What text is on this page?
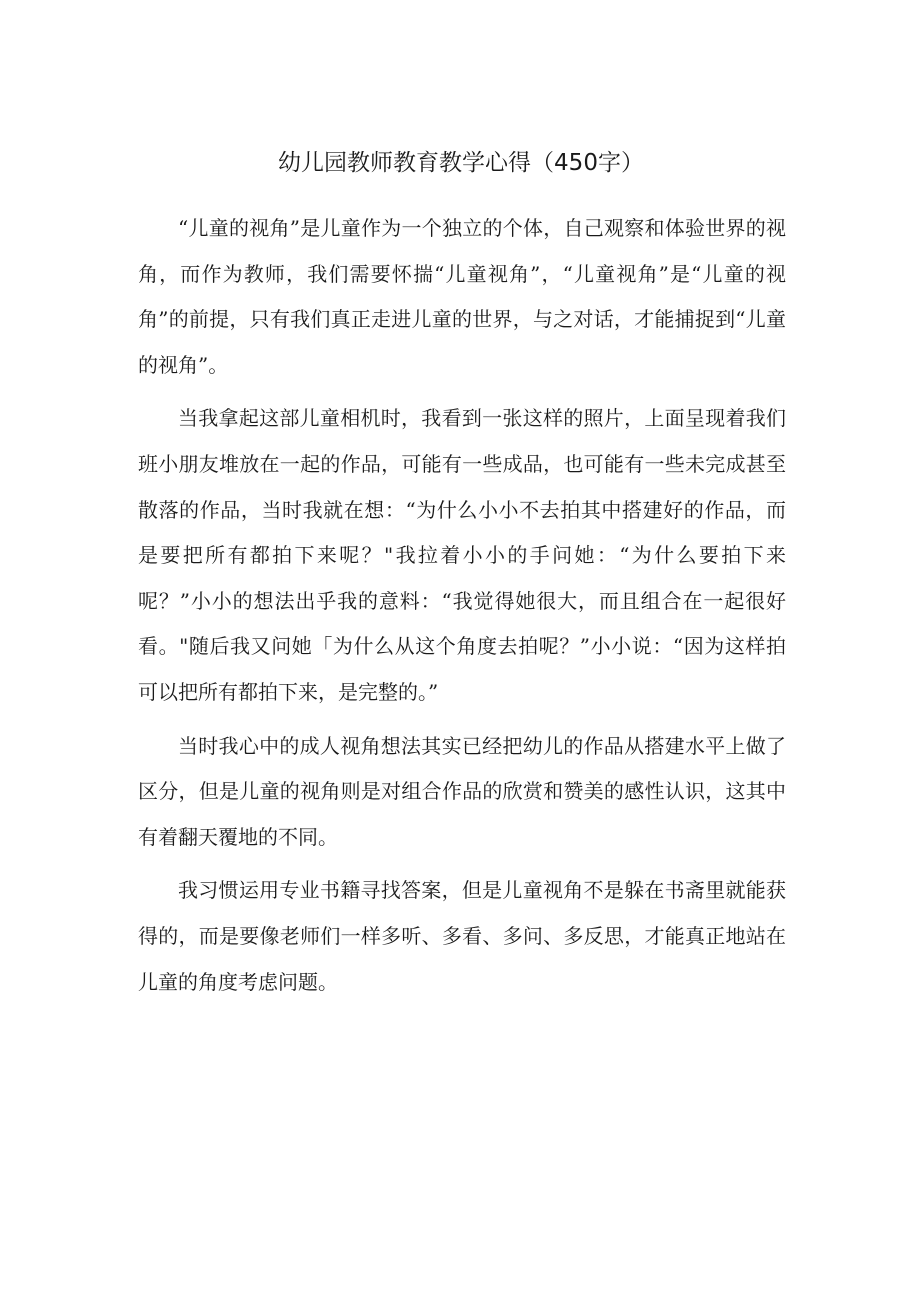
幼儿园教师教育教学心得（450字）

“儿童的视角”是儿童作为一个独立的个体，自己观察和体验世界的视角，而作为教师，我们需要怀揣“儿童视角”，“儿童视角”是“儿童的视角”的前提，只有我们真正走进儿童的世界，与之对话，才能捕捉到“儿童的视角”。

当我拿起这部儿童相机时，我看到一张这样的照片，上面呈现着我们班小朋友堆放在一起的作品，可能有一些成品，也可能有一些未完成甚至散落的作品，当时我就在想：“为什么小小不去拍其中搭建好的作品，而是要把所有都拍下来呢？"我拉着小小的手问她：“为什么要拍下来呢？”小小的想法出乎我的意料：“我觉得她很大，而且组合在一起很好看。"随后我又问她「为什么从这个角度去拍呢？”小小说：“因为这样拍可以把所有都拍下来，是完整的。”

当时我心中的成人视角想法其实已经把幼儿的作品从搭建水平上做了区分，但是儿童的视角则是对组合作品的欣赏和赞美的感性认识，这其中有着翻天覆地的不同。

我习惯运用专业书籍寻找答案，但是儿童视角不是躲在书斋里就能获得的，而是要像老师们一样多听、多看、多问、多反思，才能真正地站在儿童的角度考虑问题。
